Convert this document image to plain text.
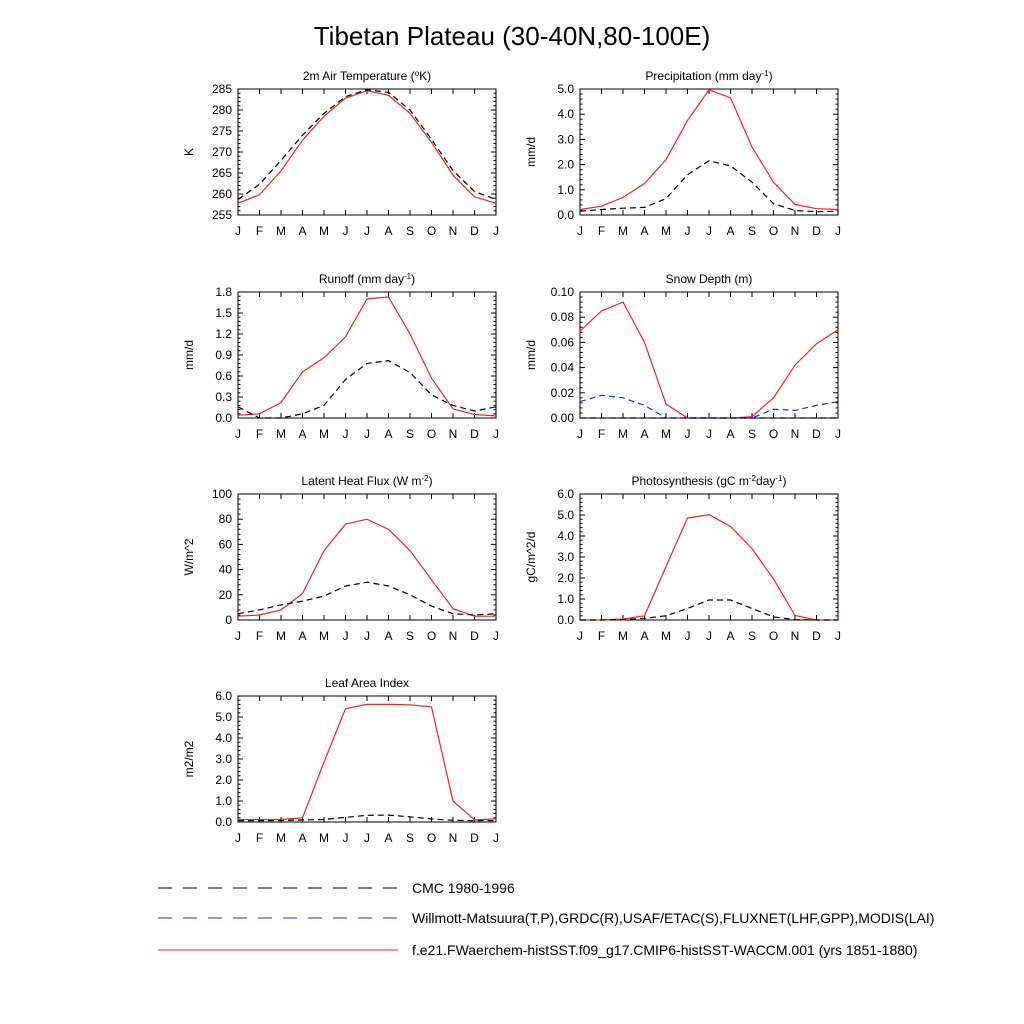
Tibetan Plateau (30-40N,80-100E)
2m Air Temperature ($^o$K)
255
260
265
270
275
280
285
J F M A M J J A S O N D J
K
Precipitation (mm day$^{-1}$)
0.0
1.0
2.0
3.0
4.0
5.0
J F M A M J J A S O N D J
mm/d
Runoff (mm day$^{-1}$)
0.0
0.3
0.6
0.9
1.2
1.5
1.8
J F M A M J J A S O N D J
mm/d
Snow Depth (m)
0.00
0.02
0.04
0.06
0.08
0.10
J F M A M J J A S O N D J
mm/d
Latent Heat Flux (W $m^{-2}$)
0
20
40
60
80
100
J F M A M J J A S O N D J
W/m^2
Photosynthesis (gC $m^{-2}day^{-1}$)
0.0
1.0
2.0
3.0
4.0
5.0
6.0
J F M A M J J A S O N D J
gC/m^2/d
Leaf Area Index
0.0
1.0
2.0
3.0
4.0
5.0
6.0
J F M A M J J A S O N D J
m2/m2
CMC 1980-1996
Willmott-Matsuura(T,P),GRDC(R),USAF/ETAC(S),FLUXNET(LHF,GPP),MODIS(LAI)
f.e21.FWaerchem-histSST.f09_g17.CMIP6-histSST-WACCM.001 (yrs 1851-1880)
